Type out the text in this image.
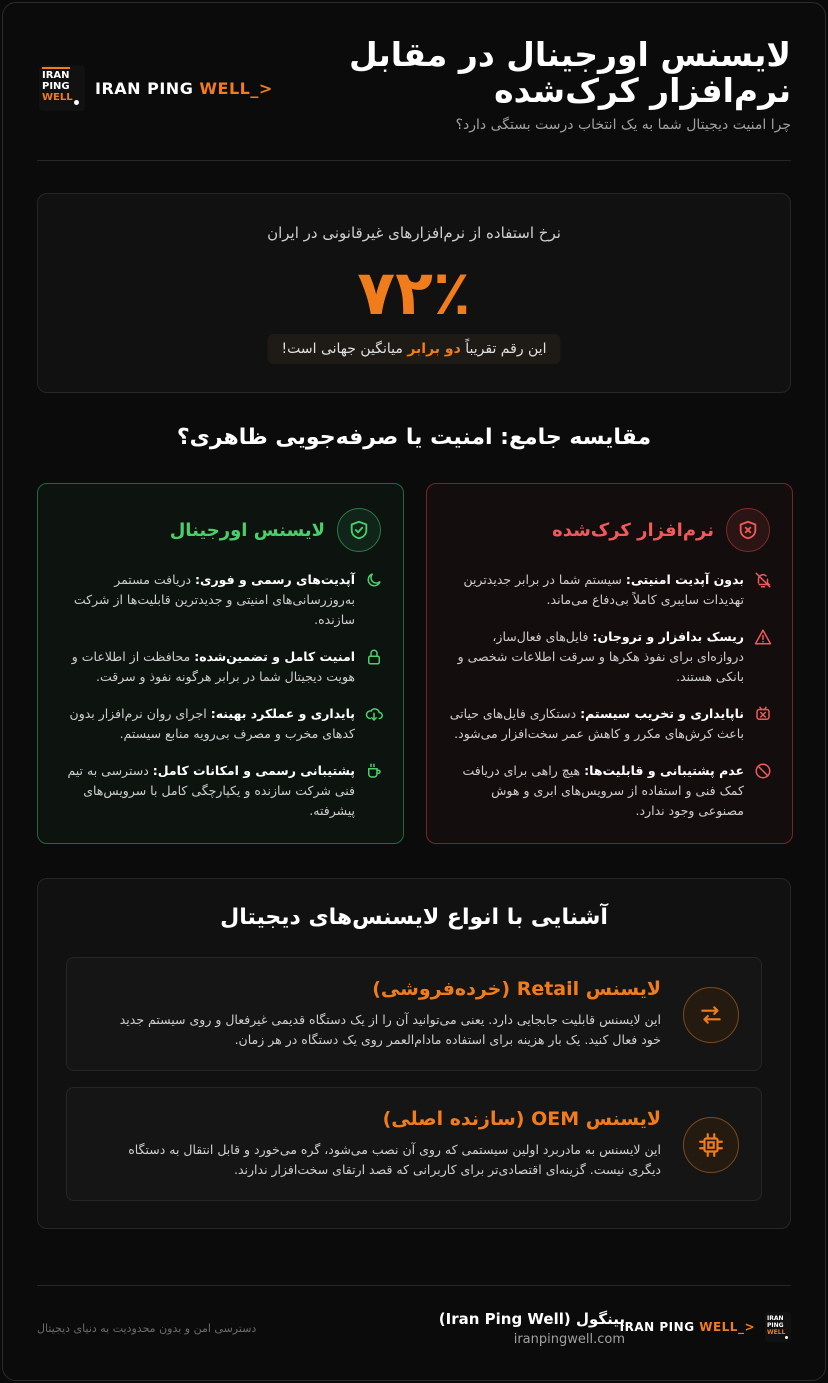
IRAN
PING
WELL IRAN PING WELL_>
لایسنس اورجینال در مقابل نرم‌افزار کرک‌شده
چرا امنیت دیجیتال شما به یک انتخاب درست بستگی دارد؟
نرخ استفاده از نرم‌افزارهای غیرقانونی در ایران
۷۲٪
این رقم تقریباً دو برابر میانگین جهانی است!
مقایسه جامع: امنیت یا صرفه‌جویی ظاهری؟
لایسنس اورجینال
آپدیت‌های رسمی و فوری: دریافت مستمر به‌روزرسانی‌های امنیتی و جدیدترین قابلیت‌ها از شرکت سازنده.
امنیت کامل و تضمین‌شده: محافظت از اطلاعات و هویت دیجیتال شما در برابر هرگونه نفوذ و سرقت.
پایداری و عملکرد بهینه: اجرای روان نرم‌افزار بدون کدهای مخرب و مصرف بی‌رویه منابع سیستم.
پشتیبانی رسمی و امکانات کامل: دسترسی به تیم فنی شرکت سازنده و یکپارچگی کامل با سرویس‌های پیشرفته.
نرم‌افزار کرک‌شده
بدون آپدیت امنیتی: سیستم شما در برابر جدیدترین تهدیدات سایبری کاملاً بی‌دفاع می‌ماند.
ریسک بدافزار و تروجان: فایل‌های فعال‌ساز، دروازه‌ای برای نفوذ هکرها و سرقت اطلاعات شخصی و بانکی هستند.
ناپایداری و تخریب سیستم: دستکاری فایل‌های حیاتی باعث کرش‌های مکرر و کاهش عمر سخت‌افزار می‌شود.
عدم پشتیبانی و قابلیت‌ها: هیچ راهی برای دریافت کمک فنی و استفاده از سرویس‌های ابری و هوش مصنوعی وجود ندارد.
آشنایی با انواع لایسنس‌های دیجیتال
لایسنس Retail (خرده‌فروشی)
این لایسنس قابلیت جابجایی دارد. یعنی می‌توانید آن را از یک دستگاه قدیمی غیرفعال و روی سیستم جدید خود فعال کنید. یک بار هزینه برای استفاده مادام‌العمر روی یک دستگاه در هر زمان.
لایسنس OEM (سازنده اصلی)
این لایسنس به مادربرد اولین سیستمی که روی آن نصب می‌شود، گره می‌خورد و قابل انتقال به دستگاه دیگری نیست. گزینه‌ای اقتصادی‌تر برای کاربرانی که قصد ارتقای سخت‌افزار ندارند.
IRAN PING WELL_>
IRAN
PING
WELL
پینگول (Iran Ping Well)
iranpingwell.com
دسترسی امن و بدون محدودیت به دنیای دیجیتال
